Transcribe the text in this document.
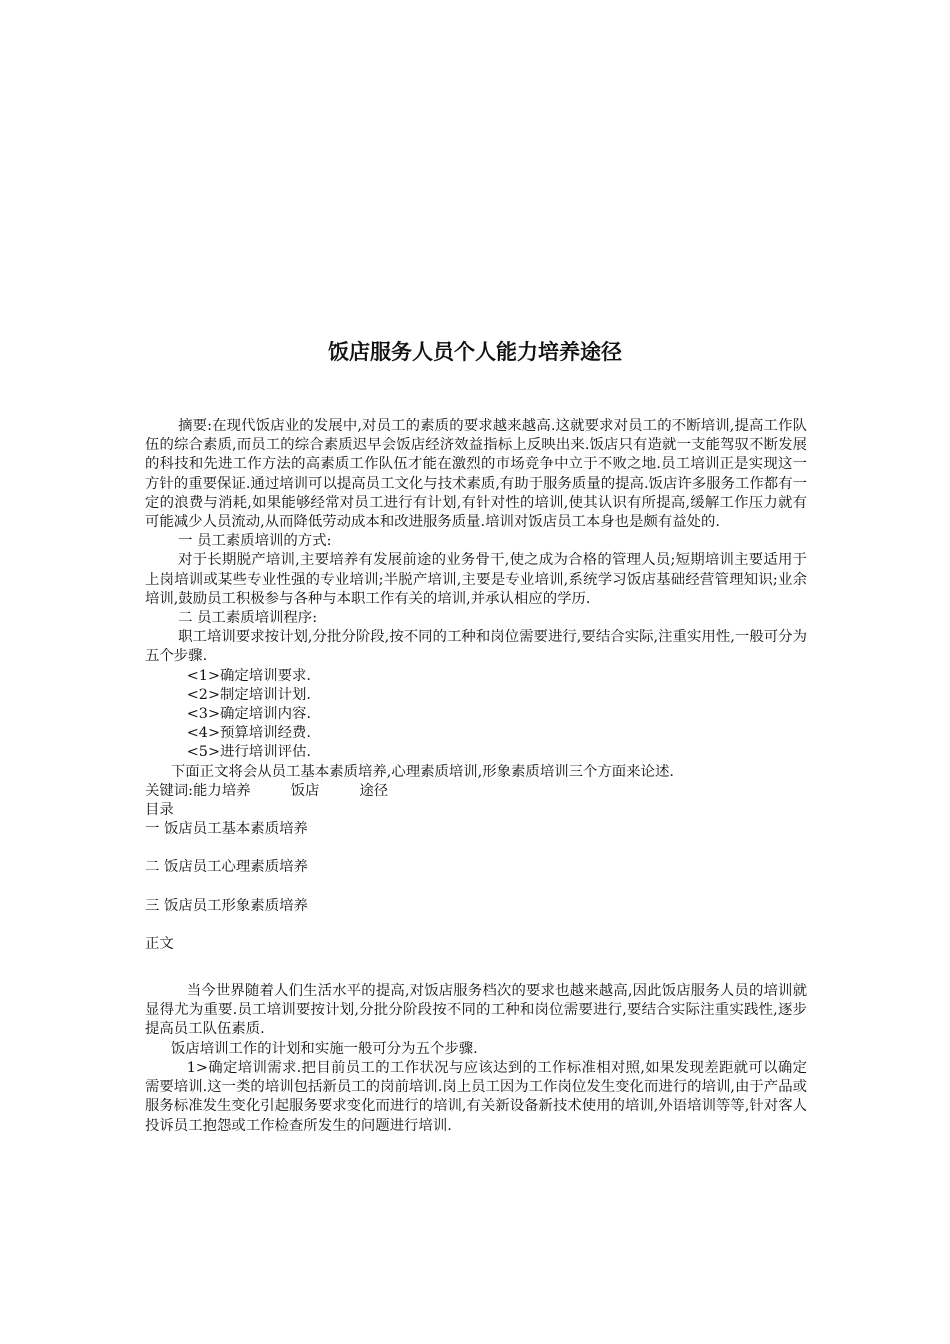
饭店服务人员个人能力培养途径

摘要:在现代饭店业的发展中,对员工的素质的要求越来越高.这就要求对员工的不断培训,提高工作队伍的综合素质,而员工的综合素质迟早会饭店经济效益指标上反映出来.饭店只有造就一支能驾驭不断发展的科技和先进工作方法的高素质工作队伍才能在激烈的市场竞争中立于不败之地.员工培训正是实现这一方针的重要保证.通过培训可以提高员工文化与技术素质,有助于服务质量的提高.饭店许多服务工作都有一定的浪费与消耗,如果能够经常对员工进行有计划,有针对性的培训,使其认识有所提高,缓解工作压力就有可能减少人员流动,从而降低劳动成本和改进服务质量.培训对饭店员工本身也是颇有益处的.

一 员工素质培训的方式:

对于长期脱产培训,主要培养有发展前途的业务骨干,使之成为合格的管理人员;短期培训主要适用于上岗培训或某些专业性强的专业培训;半脱产培训,主要是专业培训,系统学习饭店基础经营管理知识;业余培训,鼓励员工积极参与各种与本职工作有关的培训,并承认相应的学历.

二 员工素质培训程序:

职工培训要求按计划,分批分阶段,按不同的工种和岗位需要进行,要结合实际,注重实用性,一般可分为五个步骤.

<1>确定培训要求.

<2>制定培训计划.

<3>确定培训内容.

<4>预算培训经费.

<5>进行培训评估.

下面正文将会从员工基本素质培养,心理素质培训,形象素质培训三个方面来论述.

关键词:能力培养	饭店	途径

目录

一 饭店员工基本素质培养

二 饭店员工心理素质培养

三 饭店员工形象素质培养

正文

当今世界随着人们生活水平的提高,对饭店服务档次的要求也越来越高,因此饭店服务人员的培训就显得尤为重要.员工培训要按计划,分批分阶段按不同的工种和岗位需要进行,要结合实际注重实践性,逐步提高员工队伍素质.

饭店培训工作的计划和实施一般可分为五个步骤.

1>确定培训需求.把目前员工的工作状况与应该达到的工作标准相对照,如果发现差距就可以确定需要培训.这一类的培训包括新员工的岗前培训.岗上员工因为工作岗位发生变化而进行的培训,由于产品或服务标准发生变化引起服务要求变化而进行的培训,有关新设备新技术使用的培训,外语培训等等,针对客人投诉员工抱怨或工作检查所发生的问题进行培训.
